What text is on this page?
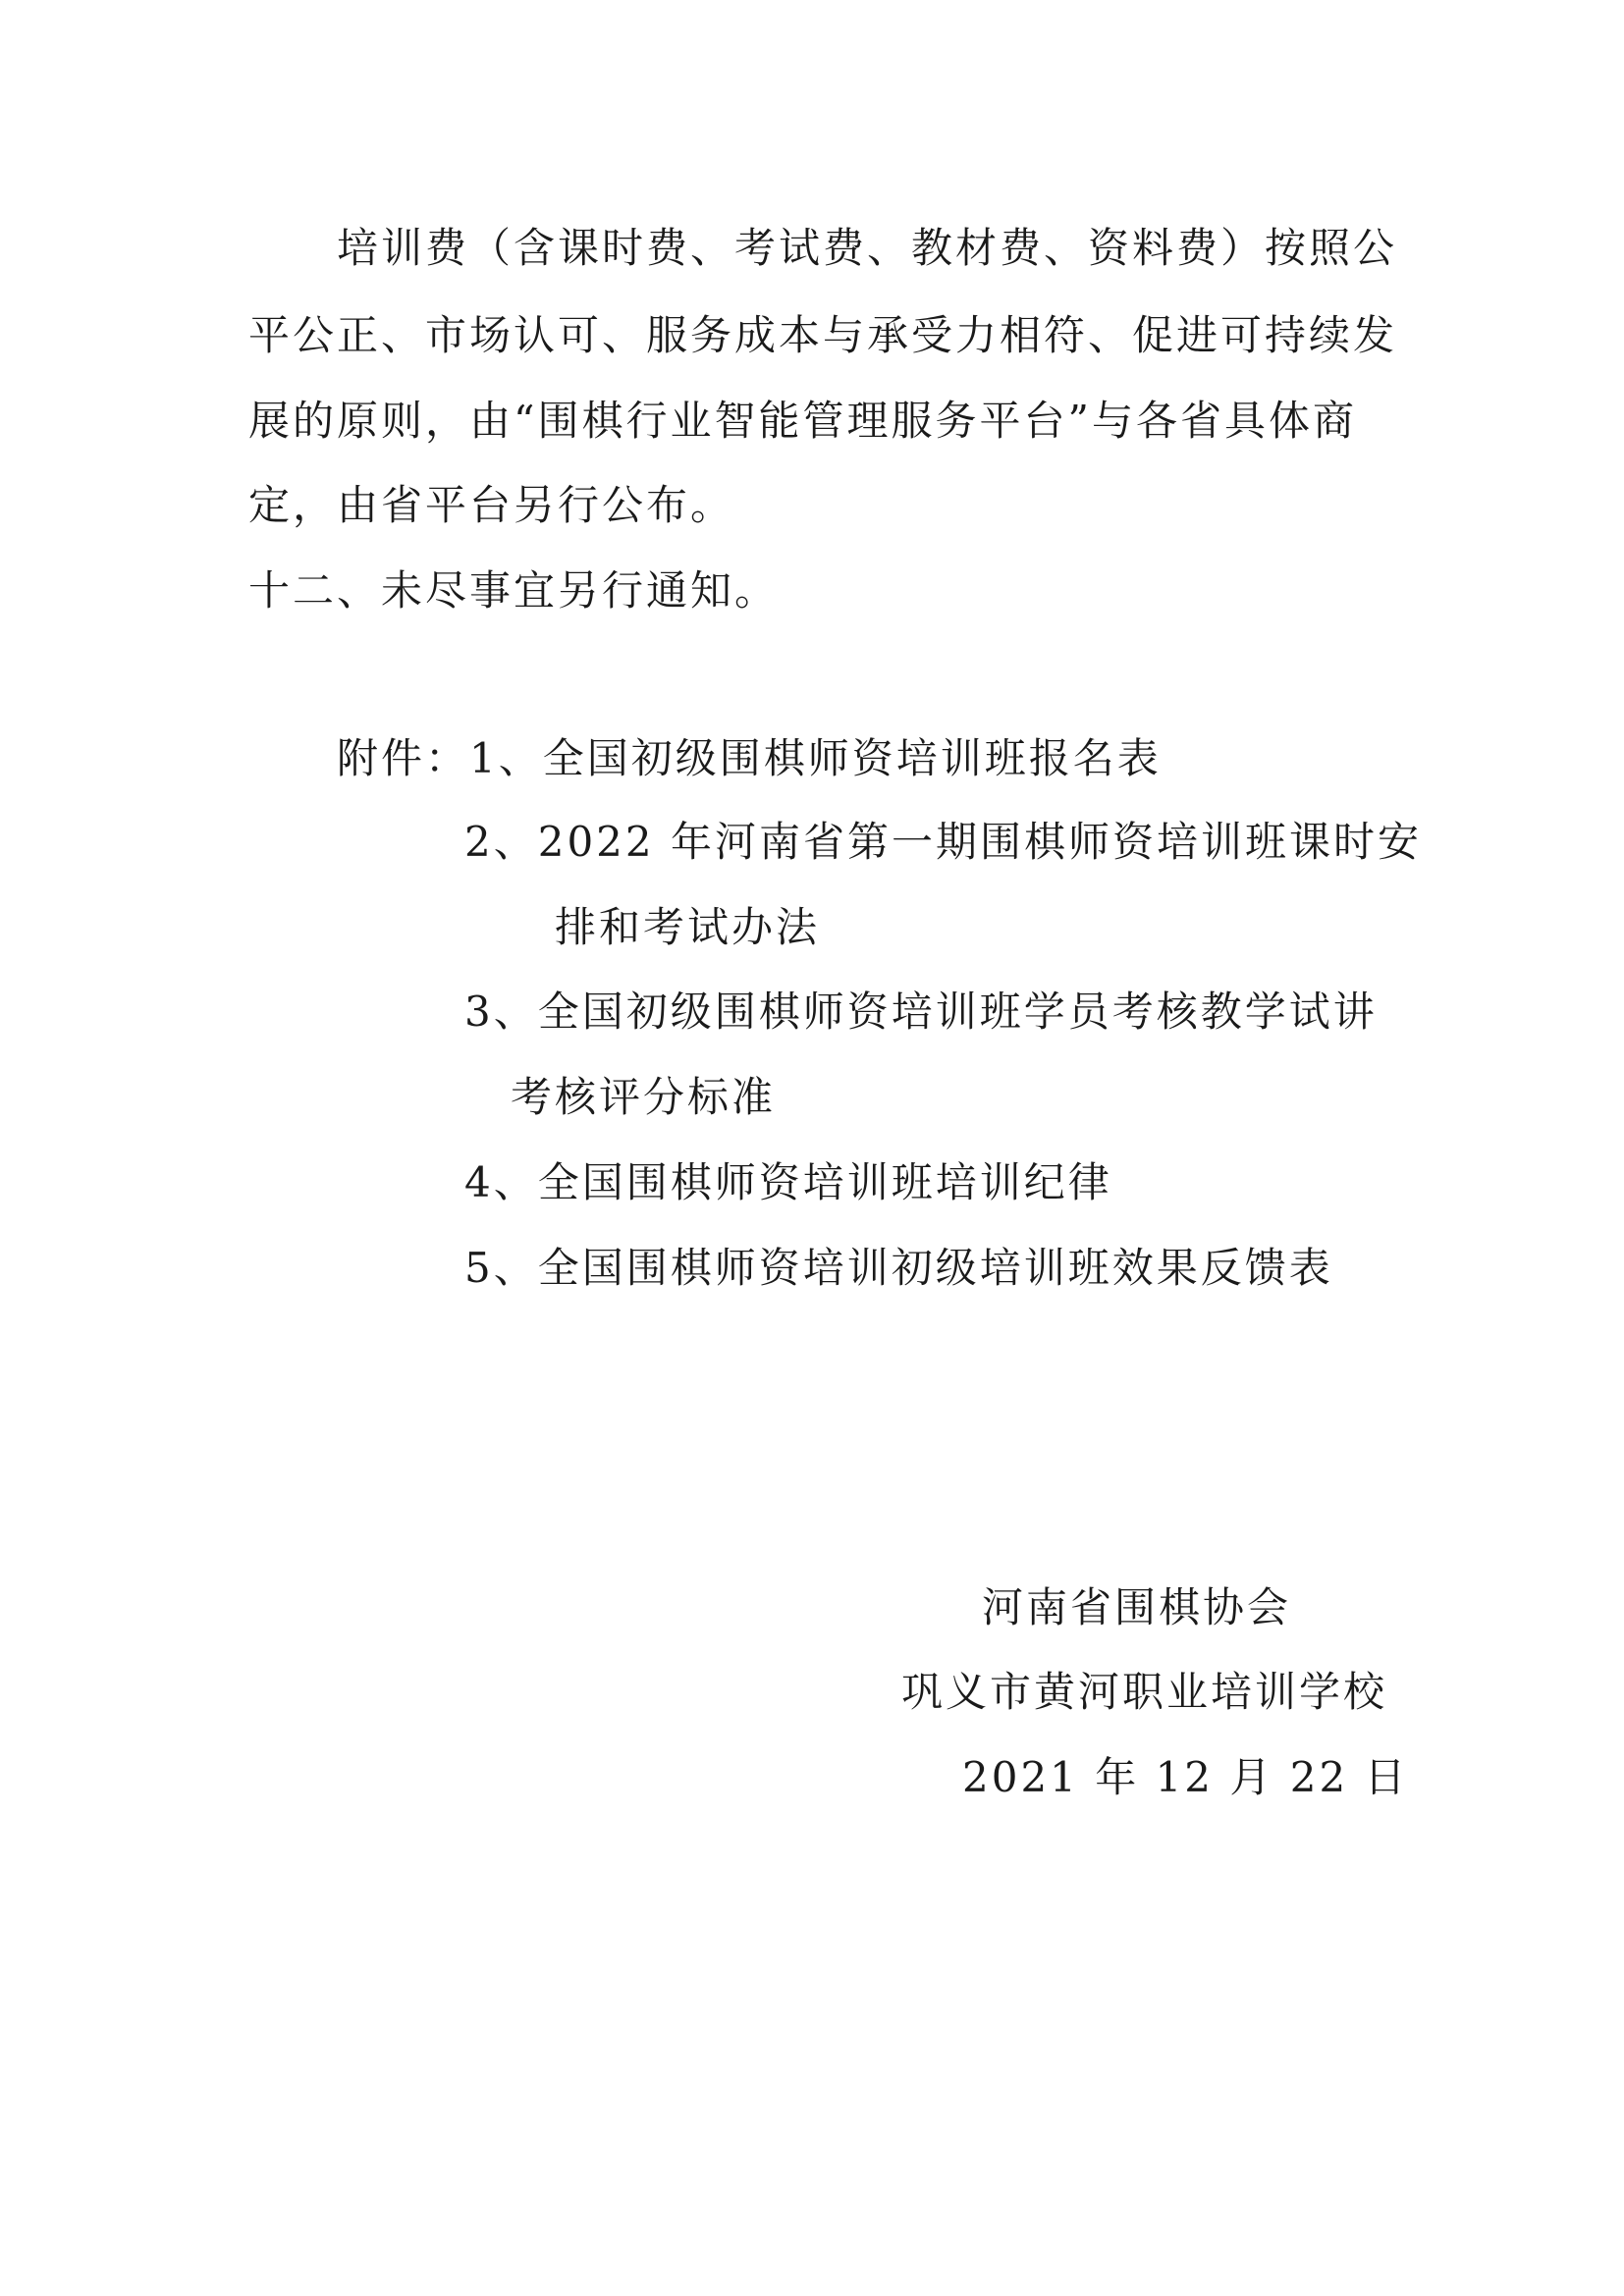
培训费（含课时费、考试费、教材费、资料费）按照公
平公正、市场认可、服务成本与承受力相符、促进可持续发
展的原则，由“围棋行业智能管理服务平台”与各省具体商
定，由省平台另行公布。
十二、未尽事宜另行通知。
附件：1、全国初级围棋师资培训班报名表
2、2022 年河南省第一期围棋师资培训班课时安
排和考试办法
3、全国初级围棋师资培训班学员考核教学试讲
考核评分标准
4、全国围棋师资培训班培训纪律
5、全国围棋师资培训初级培训班效果反馈表
河南省围棋协会
巩义市黄河职业培训学校
2021 年 12 月 22 日
